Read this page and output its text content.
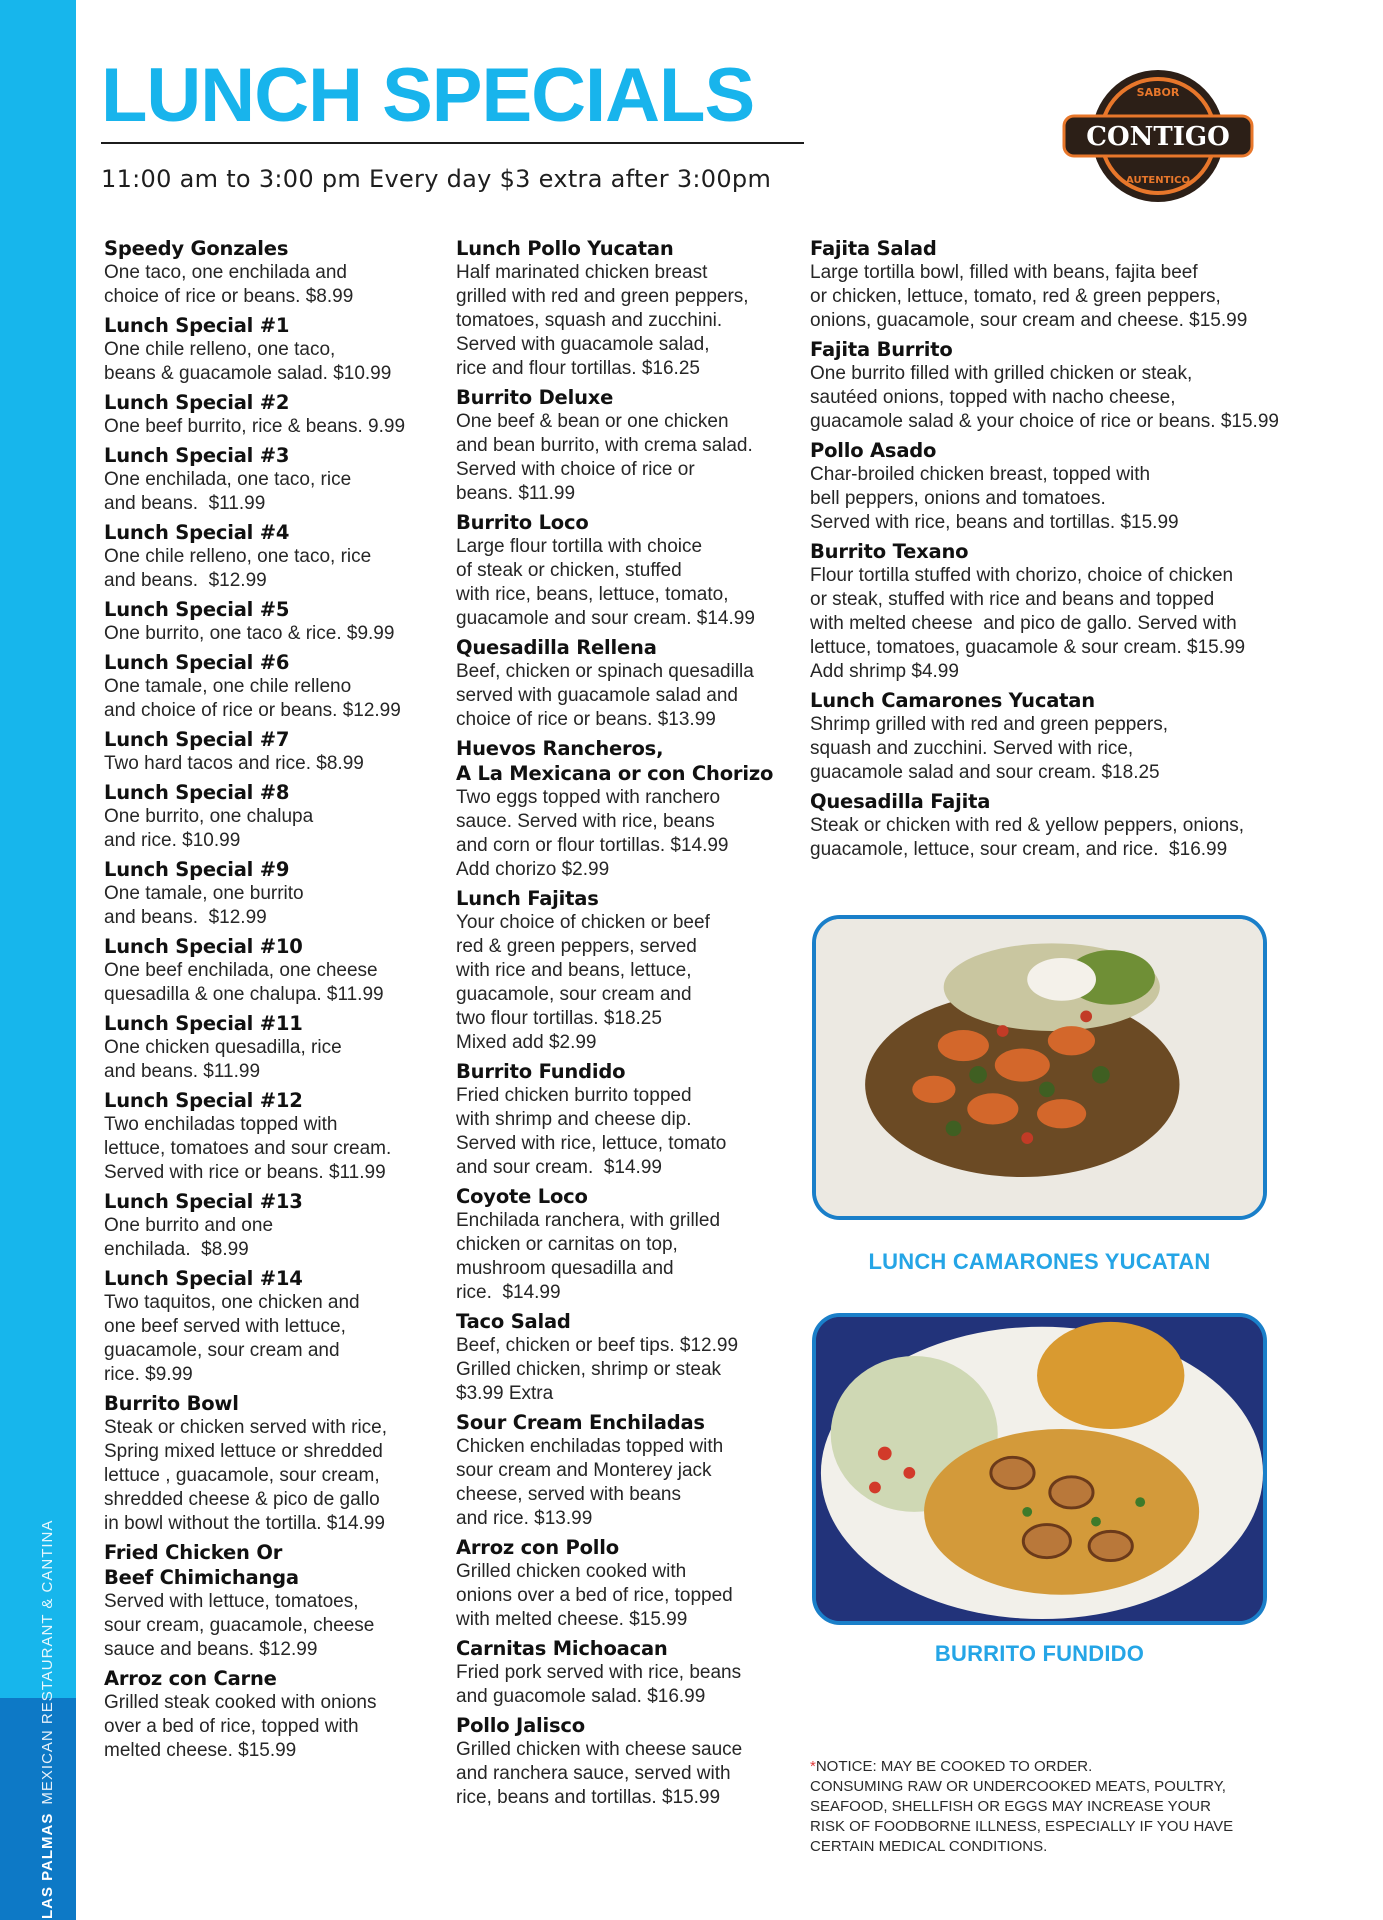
LAS PALMAS
MEXICAN RESTAURANT & CANTINA
LUNCH SPECIALS
11:00 am to 3:00 pm Every day $3 extra after 3:00pm
SABOR
CONTIGO
AUTENTICO
Speedy Gonzales
One taco, one enchilada and
choice of rice or beans. $8.99
Lunch Special #1
One chile relleno, one taco,
beans & guacamole salad. $10.99
Lunch Special #2
One beef burrito, rice & beans. 9.99
Lunch Special #3
One enchilada, one taco, rice
and beans.  $11.99
Lunch Special #4
One chile relleno, one taco, rice
and beans.  $12.99
Lunch Special #5
One burrito, one taco & rice. $9.99
Lunch Special #6
One tamale, one chile relleno
and choice of rice or beans. $12.99
Lunch Special #7
Two hard tacos and rice. $8.99
Lunch Special #8
One burrito, one chalupa
and rice. $10.99
Lunch Special #9
One tamale, one burrito
and beans.  $12.99
Lunch Special #10
One beef enchilada, one cheese
quesadilla & one chalupa. $11.99
Lunch Special #11
One chicken quesadilla, rice
and beans. $11.99
Lunch Special #12
Two enchiladas topped with
lettuce, tomatoes and sour cream.
Served with rice or beans. $11.99
Lunch Special #13
One burrito and one
enchilada.  $8.99
Lunch Special #14
Two taquitos, one chicken and
one beef served with lettuce,
guacamole, sour cream and
rice. $9.99
Burrito Bowl
Steak or chicken served with rice,
Spring mixed lettuce or shredded
lettuce , guacamole, sour cream,
shredded cheese & pico de gallo
in bowl without the tortilla. $14.99
Fried Chicken Or
Beef Chimichanga
Served with lettuce, tomatoes,
sour cream, guacamole, cheese
sauce and beans. $12.99
Arroz con Carne
Grilled steak cooked with onions
over a bed of rice, topped with
melted cheese. $15.99
Lunch Pollo Yucatan
Half marinated chicken breast
grilled with red and green peppers,
tomatoes, squash and zucchini.
Served with guacamole salad,
rice and flour tortillas. $16.25
Burrito Deluxe
One beef & bean or one chicken
and bean burrito, with crema salad.
Served with choice of rice or
beans. $11.99
Burrito Loco
Large flour tortilla with choice
of steak or chicken, stuffed
with rice, beans, lettuce, tomato,
guacamole and sour cream. $14.99
Quesadilla Rellena
Beef, chicken or spinach quesadilla
served with guacamole salad and
choice of rice or beans. $13.99
Huevos Rancheros,
A La Mexicana or con Chorizo
Two eggs topped with ranchero
sauce. Served with rice, beans
and corn or flour tortillas. $14.99
Add chorizo $2.99
Lunch Fajitas
Your choice of chicken or beef
red & green peppers, served
with rice and beans, lettuce,
guacamole, sour cream and
two flour tortillas. $18.25
Mixed add $2.99
Burrito Fundido
Fried chicken burrito topped
with shrimp and cheese dip.
Served with rice, lettuce, tomato
and sour cream.  $14.99
Coyote Loco
Enchilada ranchera, with grilled
chicken or carnitas on top,
mushroom quesadilla and
rice.  $14.99
Taco Salad
Beef, chicken or beef tips. $12.99
Grilled chicken, shrimp or steak
$3.99 Extra
Sour Cream Enchiladas
Chicken enchiladas topped with
sour cream and Monterey jack
cheese, served with beans
and rice. $13.99
Arroz con Pollo
Grilled chicken cooked with
onions over a bed of rice, topped
with melted cheese. $15.99
Carnitas Michoacan
Fried pork served with rice, beans
and guacomole salad. $16.99
Pollo Jalisco
Grilled chicken with cheese sauce
and ranchera sauce, served with
rice, beans and tortillas. $15.99
Fajita Salad
Large tortilla bowl, filled with beans, fajita beef
or chicken, lettuce, tomato, red & green peppers,
onions, guacamole, sour cream and cheese. $15.99
Fajita Burrito
One burrito filled with grilled chicken or steak,
sautéed onions, topped with nacho cheese,
guacamole salad & your choice of rice or beans. $15.99
Pollo Asado
Char-broiled chicken breast, topped with
bell peppers, onions and tomatoes.
Served with rice, beans and tortillas. $15.99
Burrito Texano
Flour tortilla stuffed with chorizo, choice of chicken
or steak, stuffed with rice and beans and topped
with melted cheese  and pico de gallo. Served with
lettuce, tomatoes, guacamole & sour cream. $15.99
Add shrimp $4.99
Lunch Camarones Yucatan
Shrimp grilled with red and green peppers,
squash and zucchini. Served with rice,
guacamole salad and sour cream. $18.25
Quesadilla Fajita
Steak or chicken with red & yellow peppers, onions,
guacamole, lettuce, sour cream, and rice.  $16.99
LUNCH CAMARONES YUCATAN
BURRITO FUNDIDO
*NOTICE: MAY BE COOKED TO ORDER.
CONSUMING RAW OR UNDERCOOKED MEATS, POULTRY, SEAFOOD, SHELLFISH OR EGGS MAY INCREASE YOUR RISK OF FOODBORNE ILLNESS, ESPECIALLY IF YOU HAVE CERTAIN MEDICAL CONDITIONS.
